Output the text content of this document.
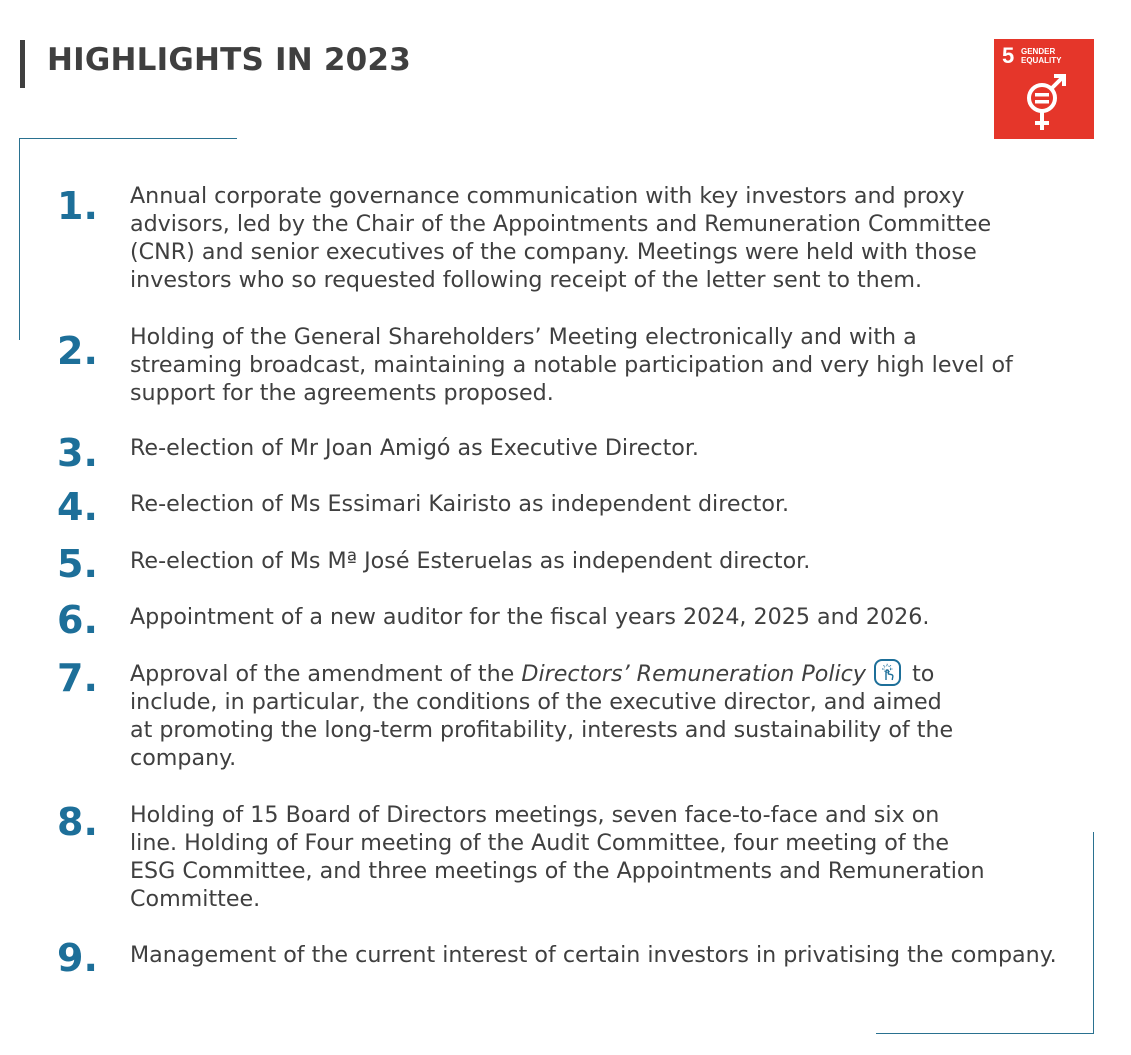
HIGHLIGHTS IN 2023	5 GENDER
EQUALITY
1. Annual corporate governance communication with key investors and proxy
advisors, led by the Chair of the Appointments and Remuneration Committee
(CNR) and senior executives of the company. Meetings were held with those
investors who so requested following receipt of the letter sent to them.

2. Holding of the General Shareholders’ Meeting electronically and with a
streaming broadcast, maintaining a notable participation and very high level of
support for the agreements proposed.

3. Re-election of Mr Joan Amigó as Executive Director.

4. Re-election of Ms Essimari Kairisto as independent director.

5. Re-election of Ms Mª José Esteruelas as independent director.

6. Appointment of a new auditor for the fiscal years 2024, 2025 and 2026.

7. Approval of the amendment of the Directors’ Remuneration Policy
to
include, in particular, the conditions of the executive director, and aimed
at promoting the long-term profitability, interests and sustainability of the
company.

8. Holding of 15 Board of Directors meetings, seven face-to-face and six on
line. Holding of Four meeting of the Audit Committee, four meeting of the
ESG Committee, and three meetings of the Appointments and Remuneration
Committee.

9. Management of the current interest of certain investors in privatising the company.
